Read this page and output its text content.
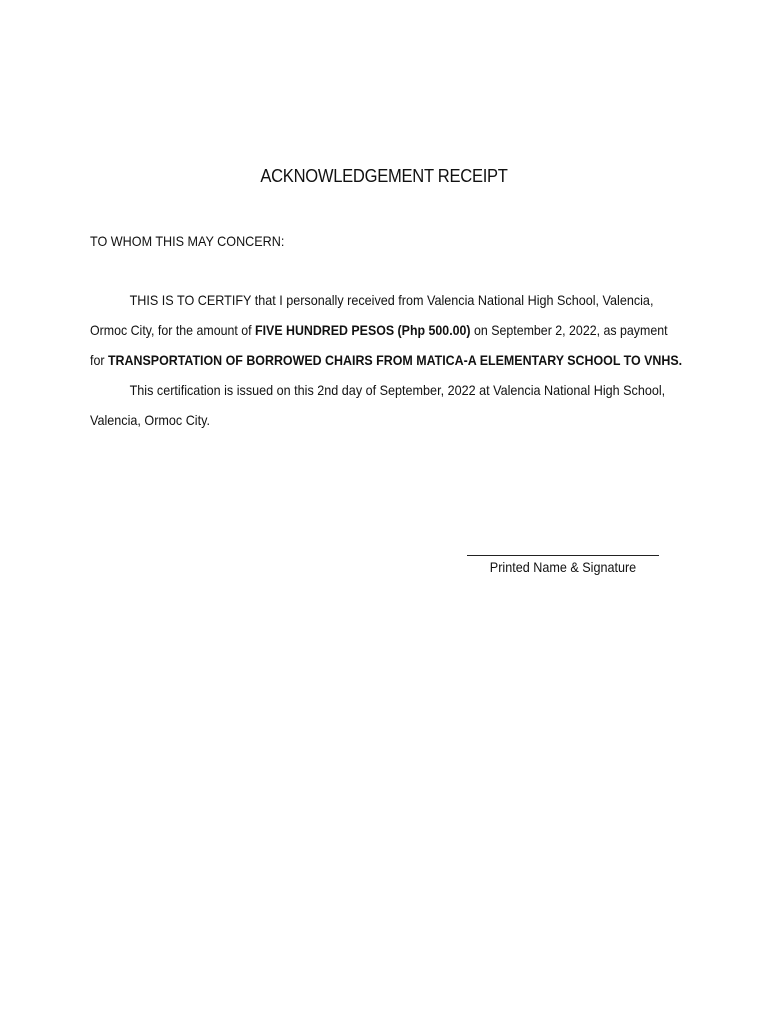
ACKNOWLEDGEMENT RECEIPT

TO WHOM THIS MAY CONCERN:

THIS IS TO CERTIFY that I personally received from Valencia National High School, Valencia,
Ormoc City, for the amount of FIVE HUNDRED PESOS (Php 500.00) on September 2, 2022, as payment
for TRANSPORTATION OF BORROWED CHAIRS FROM MATICA-A ELEMENTARY SCHOOL TO VNHS.
This certification is issued on this 2nd day of September, 2022 at Valencia National High School,
Valencia, Ormoc City.

Printed Name & Signature
